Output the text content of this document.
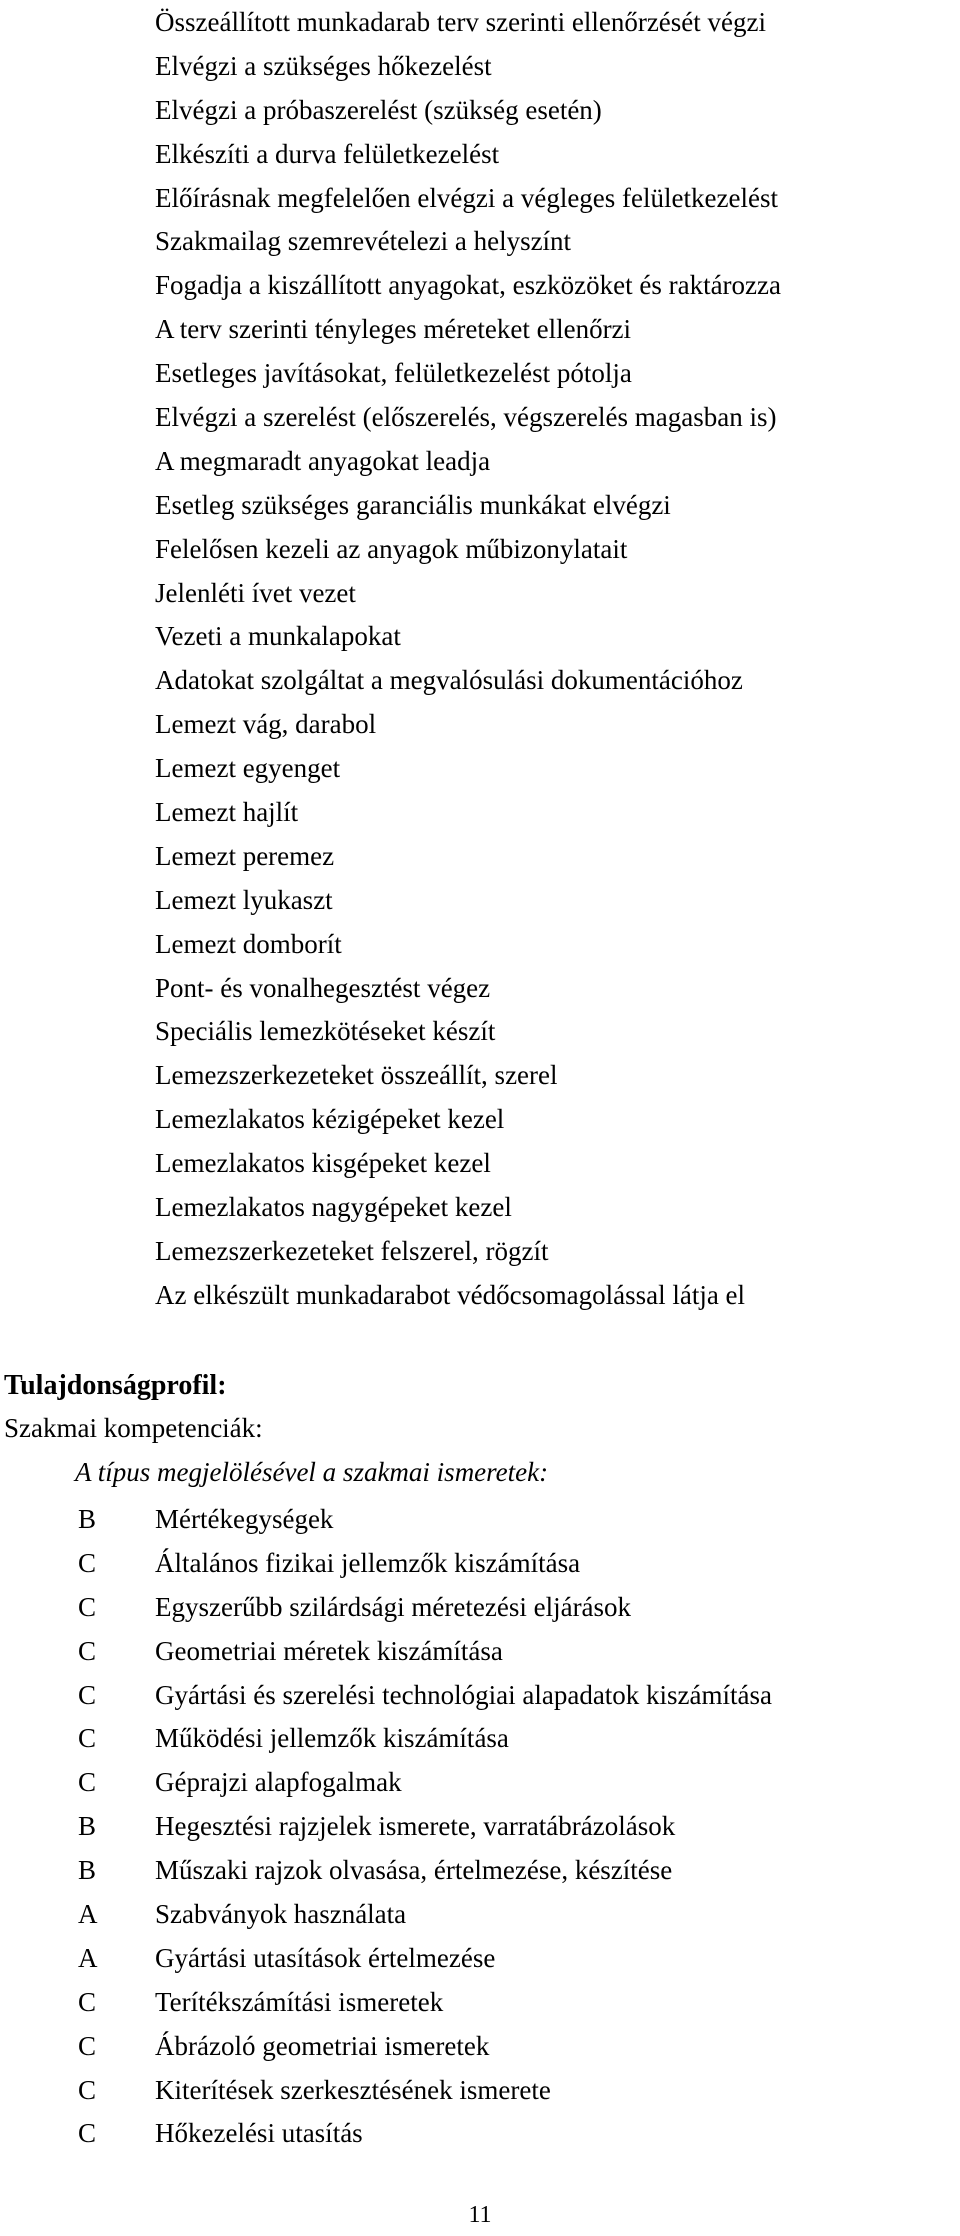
Összeállított munkadarab terv szerinti ellenőrzését végzi
Elvégzi a szükséges hőkezelést
Elvégzi a próbaszerelést (szükség esetén)
Elkészíti a durva felületkezelést
Előírásnak megfelelően elvégzi a végleges felületkezelést
Szakmailag szemrevételezi a helyszínt
Fogadja a kiszállított anyagokat, eszközöket és raktározza
A terv szerinti tényleges méreteket ellenőrzi
Esetleges javításokat, felületkezelést pótolja
Elvégzi a szerelést (előszerelés, végszerelés magasban is)
A megmaradt anyagokat leadja
Esetleg szükséges garanciális munkákat elvégzi
Felelősen kezeli az anyagok műbizonylatait
Jelenléti ívet vezet
Vezeti a munkalapokat
Adatokat szolgáltat a megvalósulási dokumentációhoz
Lemezt vág, darabol
Lemezt egyenget
Lemezt hajlít
Lemezt peremez
Lemezt lyukaszt
Lemezt domborít
Pont- és vonalhegesztést végez
Speciális lemezkötéseket készít
Lemezszerkezeteket összeállít, szerel
Lemezlakatos kézigépeket kezel
Lemezlakatos kisgépeket kezel
Lemezlakatos nagygépeket kezel
Lemezszerkezeteket felszerel, rögzít
Az elkészült munkadarabot védőcsomagolással látja el
Tulajdonságprofil:
Szakmai kompetenciák:
A típus megjelölésével a szakmai ismeretek:
B Mértékegységek
C Általános fizikai jellemzők kiszámítása
C Egyszerűbb szilárdsági méretezési eljárások
C Geometriai méretek kiszámítása
C Gyártási és szerelési technológiai alapadatok kiszámítása
C Működési jellemzők kiszámítása
C Géprajzi alapfogalmak
B Hegesztési rajzjelek ismerete, varratábrázolások
B Műszaki rajzok olvasása, értelmezése, készítése
A Szabványok használata
A Gyártási utasítások értelmezése
C Terítékszámítási ismeretek
C Ábrázoló geometriai ismeretek
C Kiterítések szerkesztésének ismerete
C Hőkezelési utasítás
11
